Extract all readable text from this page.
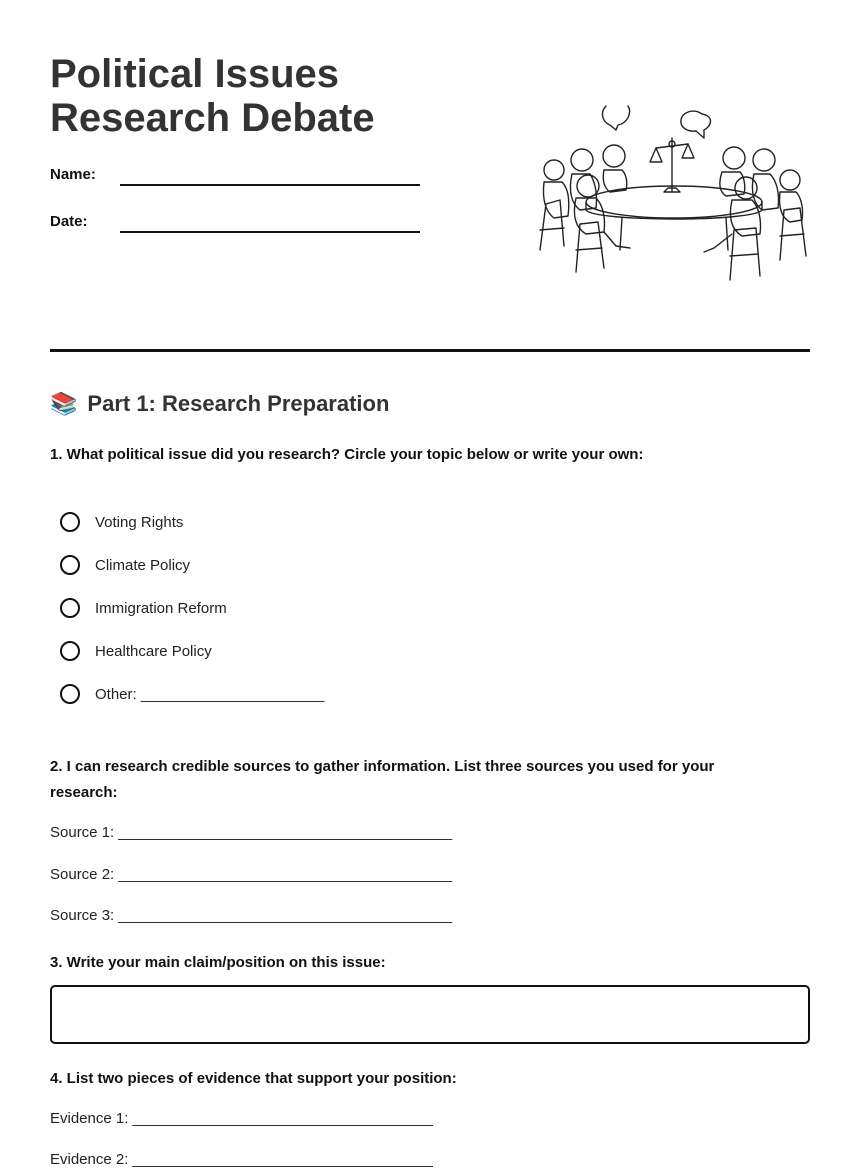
Political Issues Research Debate
Name:
Date:
📚 Part 1: Research Preparation

1. What political issue did you research? Circle your topic below or write your own:

Voting Rights
Climate Policy
Immigration Reform
Healthcare Policy
Other: ______________________

2. I can research credible sources to gather information. List three sources you used for your research:

Source 1: ________________________________________
Source 2: ________________________________________
Source 3: ________________________________________

3. Write your main claim/position on this issue:

4. List two pieces of evidence that support your position:

Evidence 1: ____________________________________
Evidence 2: ____________________________________
